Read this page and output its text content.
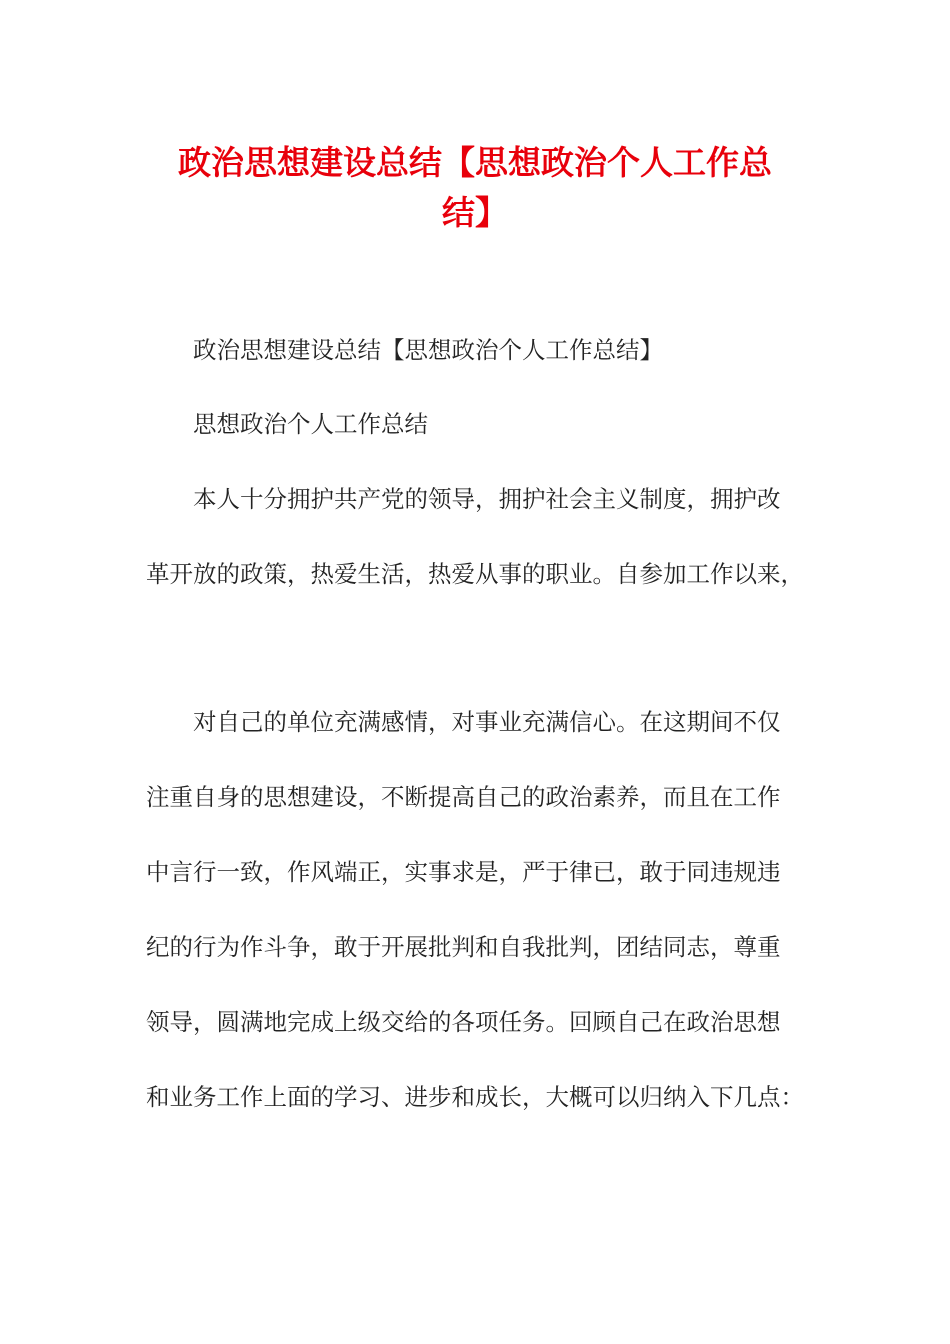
政治思想建设总结【思想政治个人工作总
结】

政治思想建设总结【思想政治个人工作总结】

思想政治个人工作总结

本人十分拥护共产党的领导，拥护社会主义制度，拥护改

革开放的政策，热爱生活，热爱从事的职业。自参加工作以来，

对自己的单位充满感情，对事业充满信心。在这期间不仅

注重自身的思想建设，不断提高自己的政治素养，而且在工作

中言行一致，作风端正，实事求是，严于律已，敢于同违规违

纪的行为作斗争，敢于开展批判和自我批判，团结同志，尊重

领导，圆满地完成上级交给的各项任务。回顾自己在政治思想

和业务工作上面的学习、进步和成长，大概可以归纳入下几点：
